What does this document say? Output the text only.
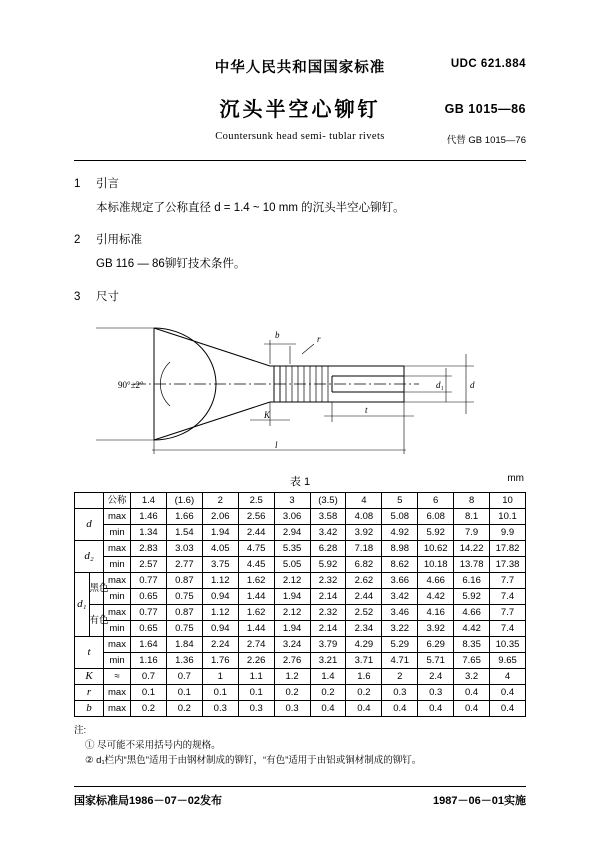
中华人民共和国国家标准	UDC 621.884
沉头半空心铆钉	GB 1015—86
Countersunk head semi- tublar rivets	代替 GB 1015—76
1 引言
本标准规定了公称直径 d = 1.4 ~ 10 mm 的沉头半空心铆钉。
2 引用标准
GB 116 — 86铆钉技术条件。
3 尺寸
90°±2°
b	r
d
d₁
K	t
l
表 1	mm
		公称	1.4	(1.6)	2	2.5	3	(3.5)	4	5	6	8	10
d		max	1.46	1.66	2.06	2.56	3.06	3.58	4.08	5.08	6.08	8.1	10.1
		min	1.34	1.54	1.94	2.44	2.94	3.42	3.92	4.92	5.92	7.9	9.9
d₂		max	2.83	3.03	4.05	4.75	5.35	6.28	7.18	8.98	10.62	14.22	17.82
		min	2.57	2.77	3.75	4.45	5.05	5.92	6.82	8.62	10.18	13.78	17.38
d₁	黑色	max	0.77	0.87	1.12	1.62	2.12	2.32	2.62	3.66	4.66	6.16	7.7
		min	0.65	0.75	0.94	1.44	1.94	2.14	2.44	3.42	4.42	5.92	7.4
	有色	max	0.77	0.87	1.12	1.62	2.12	2.32	2.52	3.46	4.16	4.66	7.7
		min	0.65	0.75	0.94	1.44	1.94	2.14	2.34	3.22	3.92	4.42	7.4
t		max	1.64	1.84	2.24	2.74	3.24	3.79	4.29	5.29	6.29	8.35	10.35
		min	1.16	1.36	1.76	2.26	2.76	3.21	3.71	4.71	5.71	7.65	9.65
K		≈	0.7	0.7	1	1.1	1.2	1.4	1.6	2	2.4	3.2	4
r		max	0.1	0.1	0.1	0.1	0.2	0.2	0.2	0.3	0.3	0.4	0.4
b		max	0.2	0.2	0.3	0.3	0.3	0.4	0.4	0.4	0.4	0.4	0.4
注:
① 尽可能不采用括号内的规格。
② d₁栏内“黑色”适用于由钢材制成的铆钉，“有色”适用于由铝或铜材制成的铆钉。
国家标准局1986－07－02发布	1987－06－01实施
